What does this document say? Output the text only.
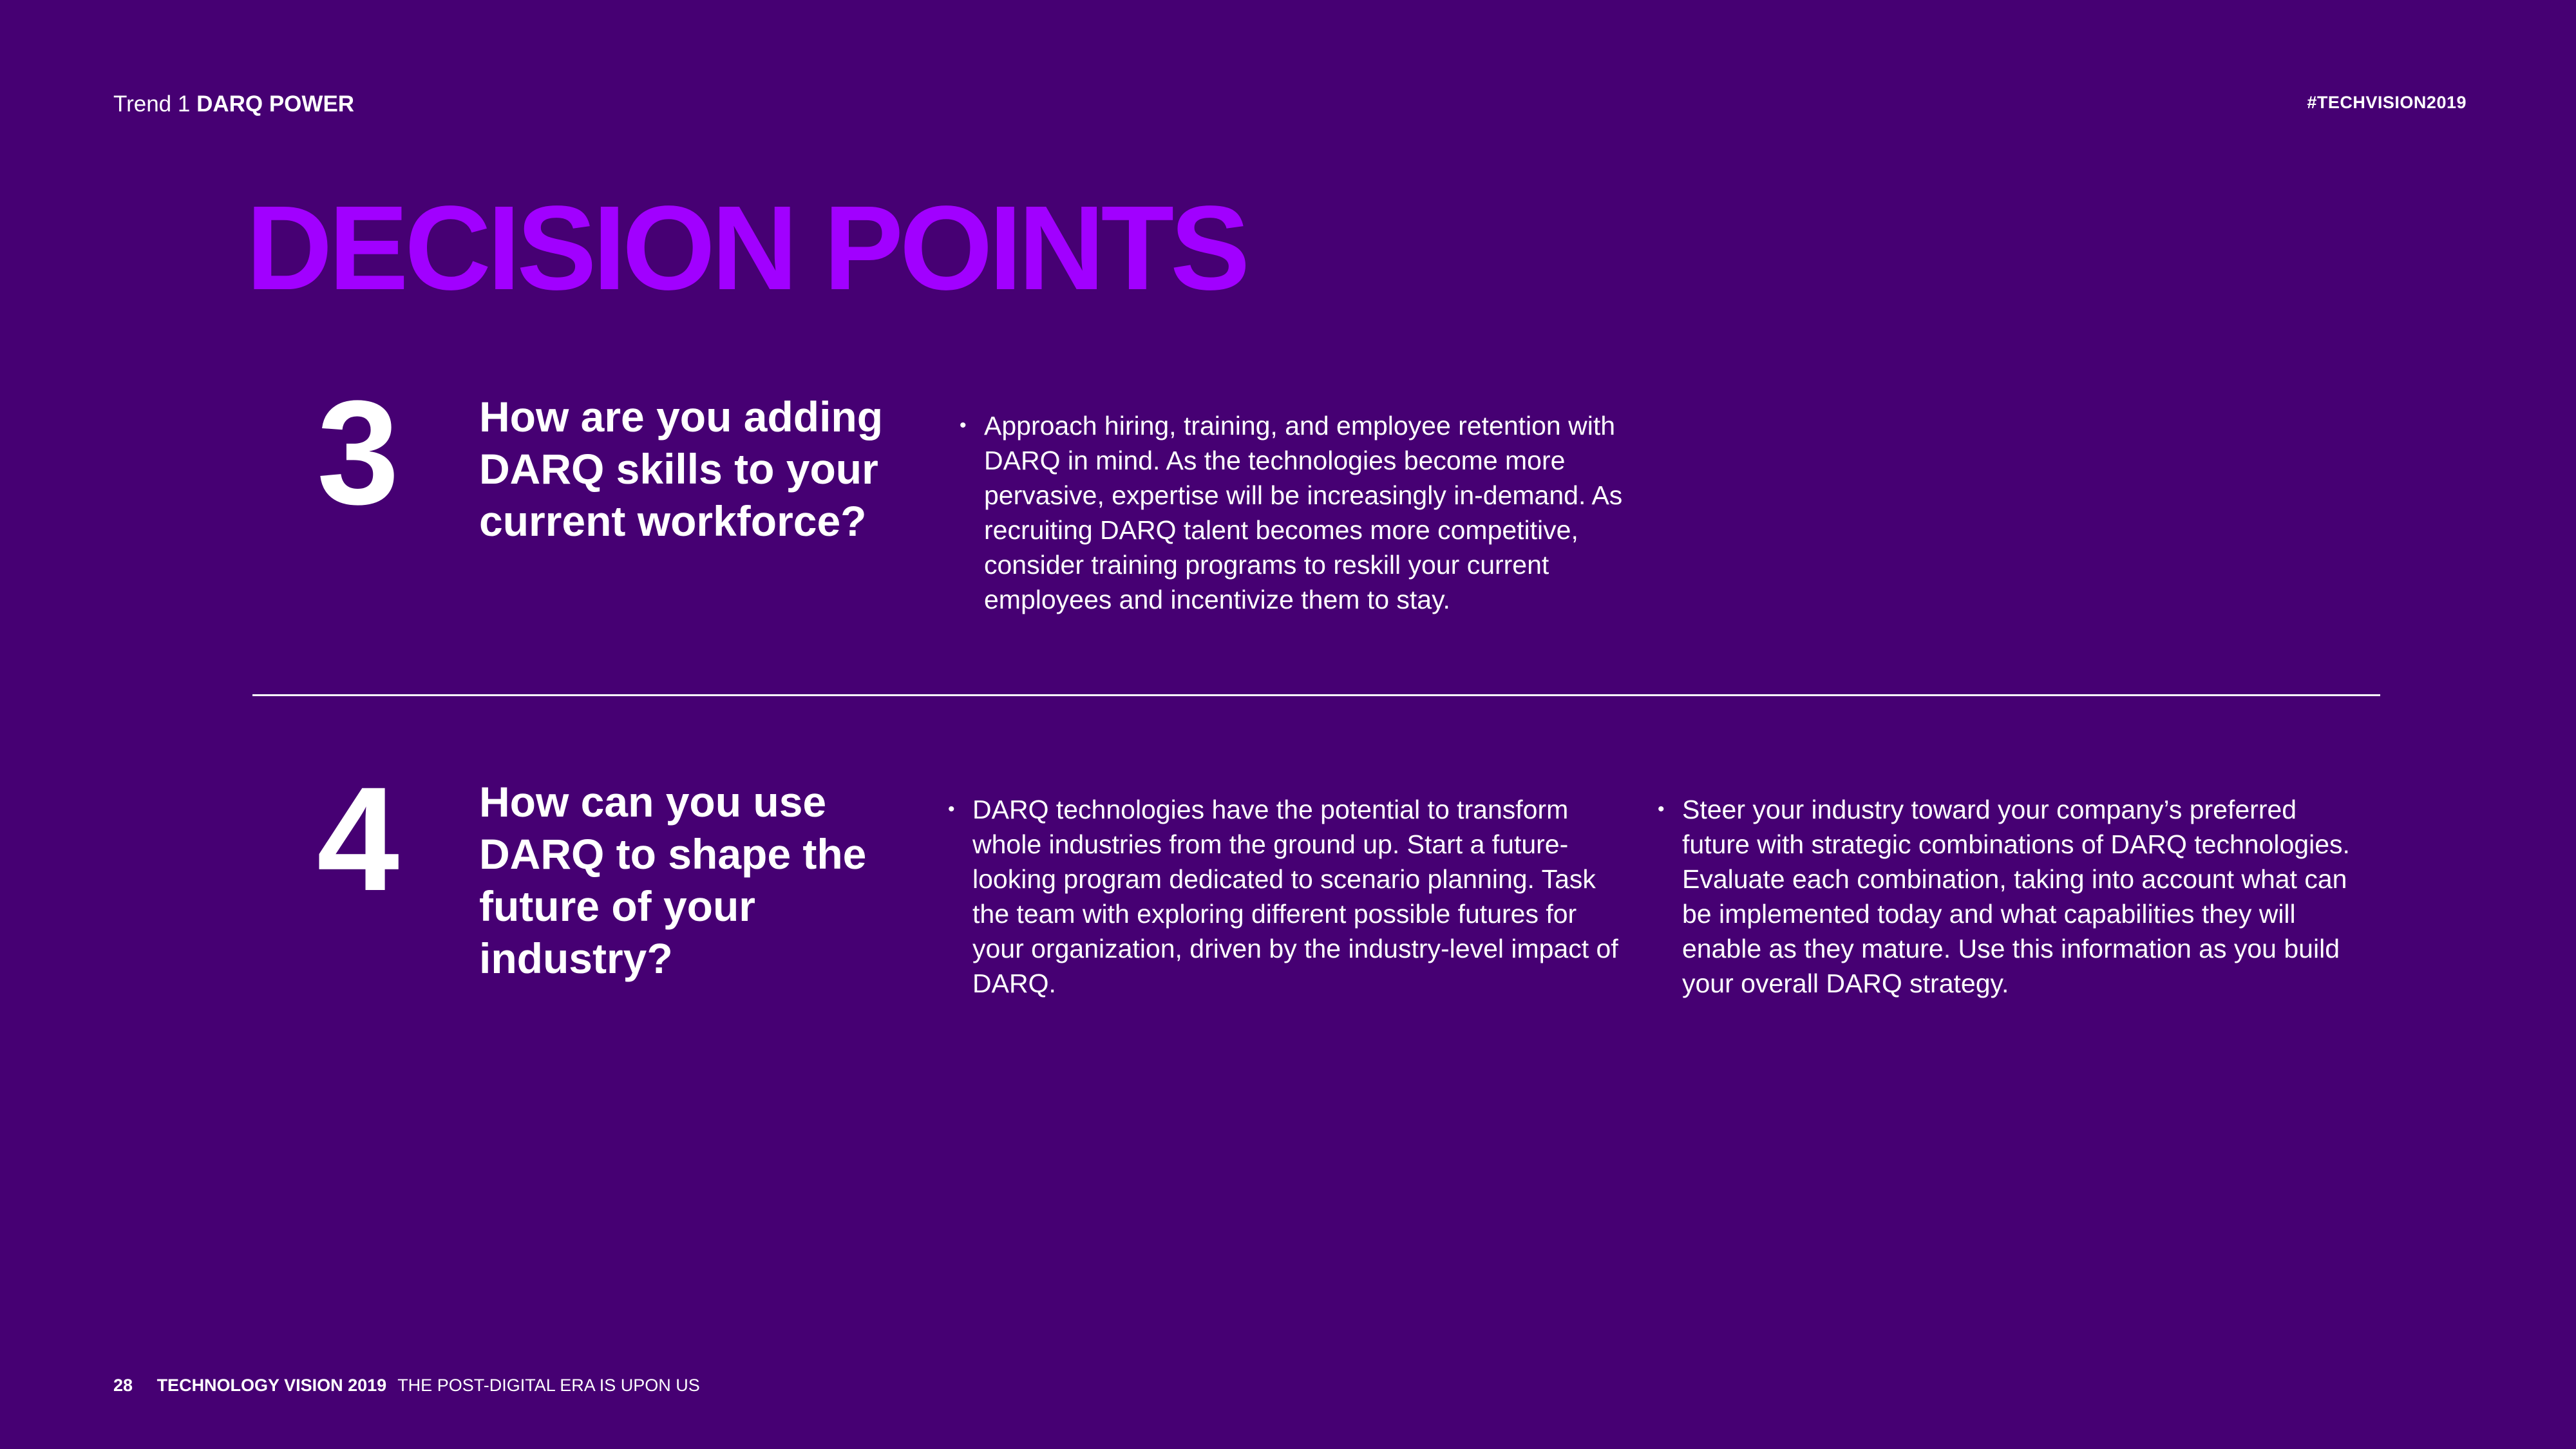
Trend 1 DARQ POWER	#TECHVISION2019
DECISION POINTS
3	How are you adding DARQ skills to your current workforce?
• Approach hiring, training, and employee retention with DARQ in mind. As the technologies become more pervasive, expertise will be increasingly in-demand. As recruiting DARQ talent becomes more competitive, consider training programs to reskill your current employees and incentivize them to stay.
4	How can you use DARQ to shape the future of your industry?
• DARQ technologies have the potential to transform whole industries from the ground up. Start a future-looking program dedicated to scenario planning. Task the team with exploring different possible futures for your organization, driven by the industry-level impact of DARQ.
• Steer your industry toward your company’s preferred future with strategic combinations of DARQ technologies. Evaluate each combination, taking into account what can be implemented today and what capabilities they will enable as they mature. Use this information as you build your overall DARQ strategy.
28 TECHNOLOGY VISION 2019 THE POST-DIGITAL ERA IS UPON US
